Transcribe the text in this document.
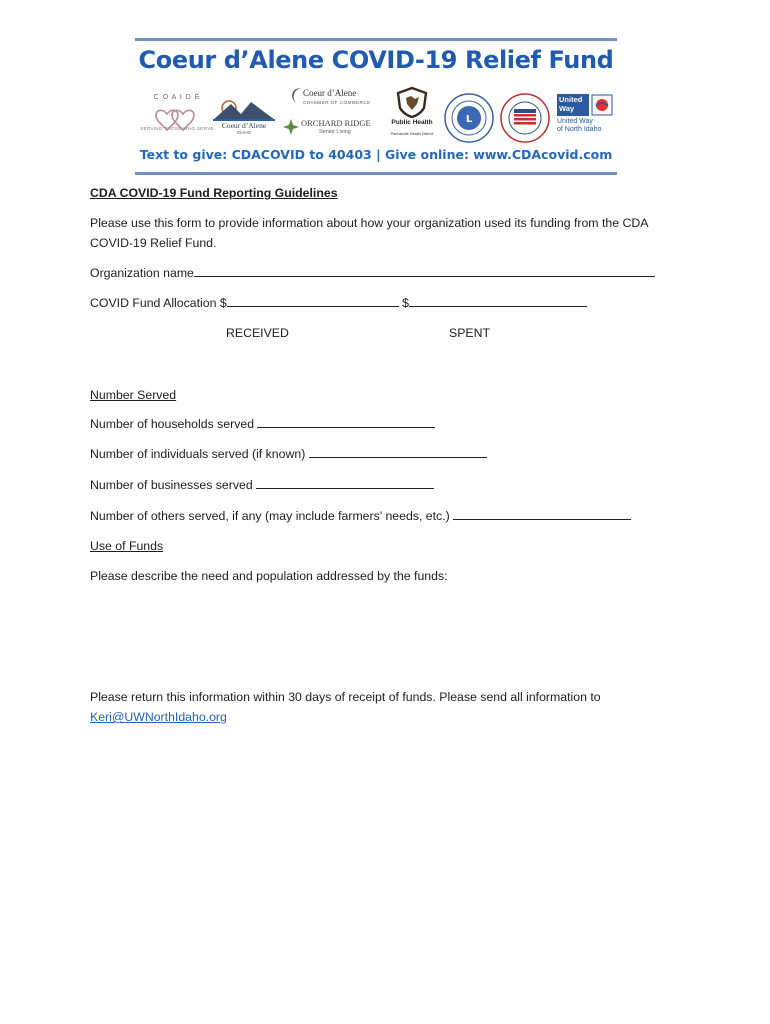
Coeur d’Alene COVID-19 Relief Fund
C O A I D E
SERVING THOSE WHO SERVE	Coeur d’Alene
IDAHO
Coeur d’Alene
CHAMBER OF COMMERCE
ORCHARD RIDGE
Senior Living
Public Health
Panhandle Health District
L
United
Way
United Way
of North Idaho
Text to give: CDACOVID to 40403 | Give online: www.CDAcovid.com
CDA COVID-19 Fund Reporting Guidelines
Please use this form to provide information about how your organization used its funding from the CDA
COVID-19 Relief Fund.
Organization name
COVID Fund Allocation $	$
RECEIVED	SPENT
Number Served
Number of households served
Number of individuals served (if known)
Number of businesses served
Number of others served, if any (may include farmers’ needs, etc.)
Use of Funds
Please describe the need and population addressed by the funds:
Please return this information within 30 days of receipt of funds. Please send all information to
Keri@UWNorthIdaho.org
